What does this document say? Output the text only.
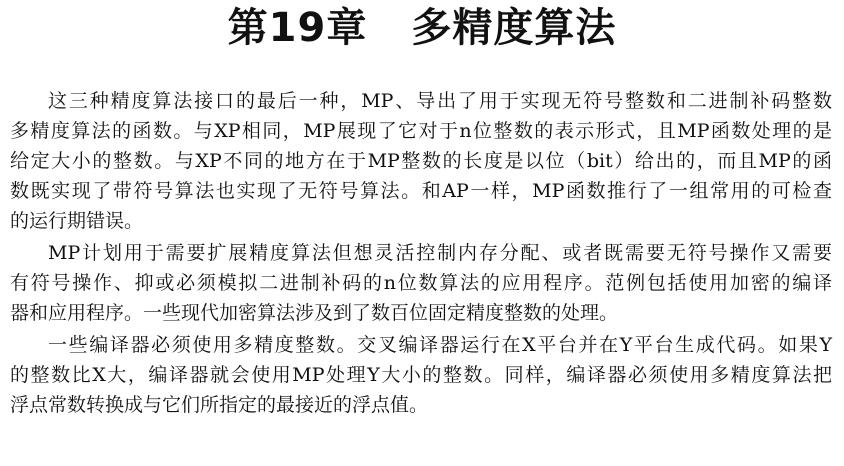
第19章 多精度算法
这三种精度算法接口的最后一种，MP、导出了用于实现无符号整数和二进制补码整数
多精度算法的函数。与XP相同，MP展现了它对于n位整数的表示形式，且MP函数处理的是
给定大小的整数。与XP不同的地方在于MP整数的长度是以位（bit）给出的，而且MP的函
数既实现了带符号算法也实现了无符号算法。和AP一样，MP函数推行了一组常用的可检查
的运行期错误。
MP计划用于需要扩展精度算法但想灵活控制内存分配、或者既需要无符号操作又需要
有符号操作、抑或必须模拟二进制补码的n位数算法的应用程序。范例包括使用加密的编译
器和应用程序。一些现代加密算法涉及到了数百位固定精度整数的处理。
一些编译器必须使用多精度整数。交叉编译器运行在X平台并在Y平台生成代码。如果Y
的整数比X大，编译器就会使用MP处理Y大小的整数。同样，编译器必须使用多精度算法把
浮点常数转换成与它们所指定的最接近的浮点值。
